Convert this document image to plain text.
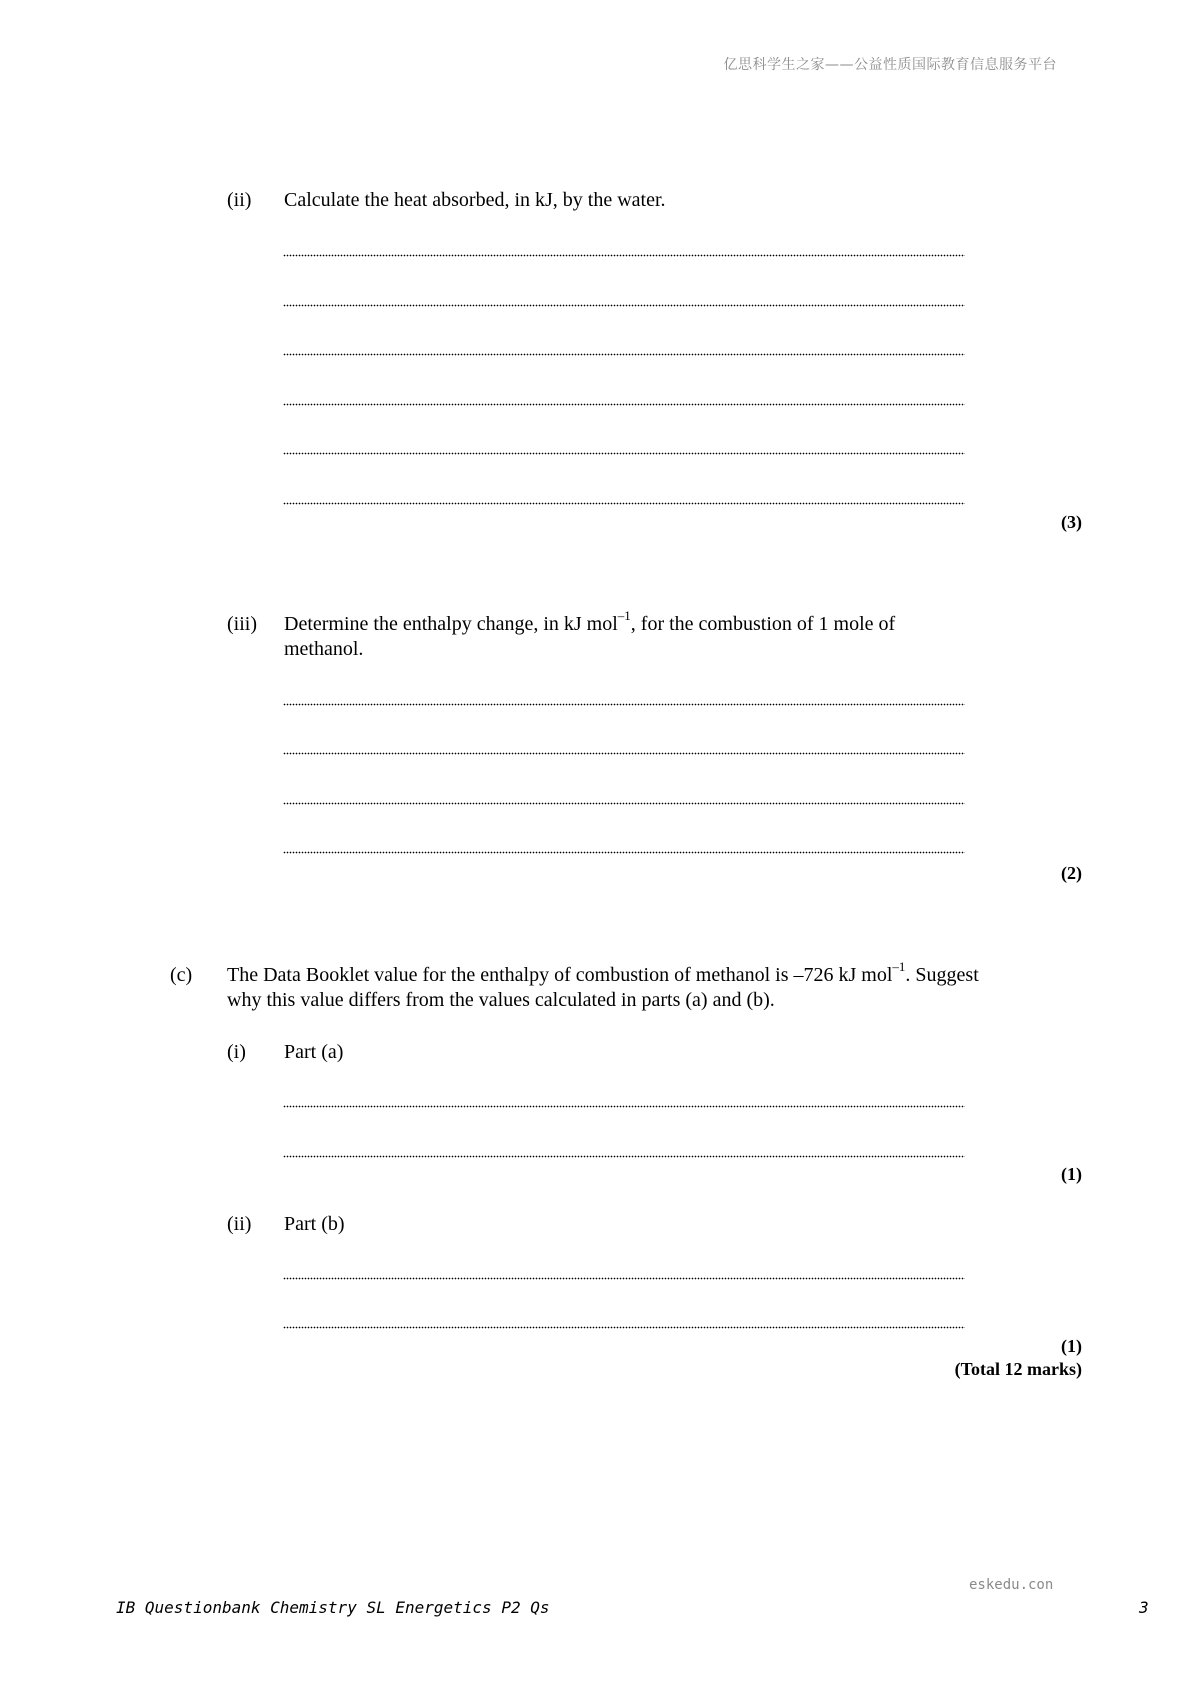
亿思科学生之家——公益性质国际教育信息服务平台
(ii) Calculate the heat absorbed, in kJ, by the water.
(3)
(iii) Determine the enthalpy change, in kJ mol$^{-1}$, for the combustion of 1 mole of methanol.
(2)
(c) The Data Booklet value for the enthalpy of combustion of methanol is –726 kJ mol$^{-1}$. Suggest why this value differs from the values calculated in parts (a) and (b).
(i) Part (a)
(1)
(ii) Part (b)
(1)
(Total 12 marks)
eskedu.con
IB Questionbank Chemistry SL Energetics P2 Qs	3
